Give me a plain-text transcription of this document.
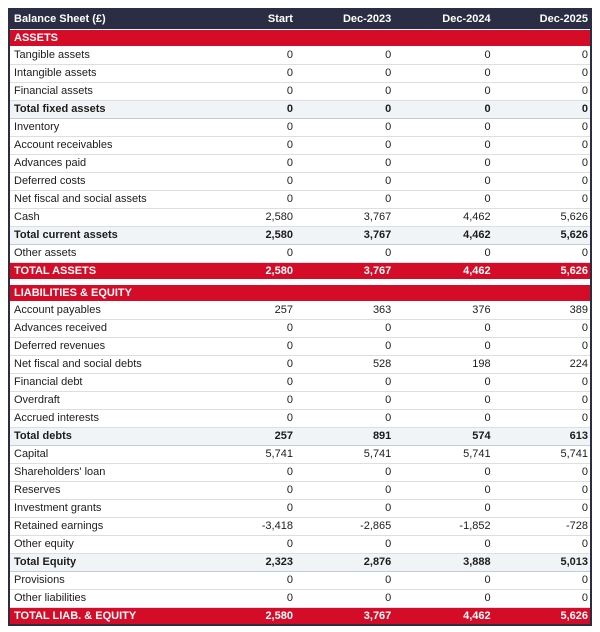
Balance Sheet (£)	Start	Dec-2023	Dec-2024	Dec-2025
ASSETS				
Tangible assets	0	0	0	0
Intangible assets	0	0	0	0
Financial assets	0	0	0	0
Total fixed assets	0	0	0	0
Inventory	0	0	0	0
Account receivables	0	0	0	0
Advances paid	0	0	0	0
Deferred costs	0	0	0	0
Net fiscal and social assets	0	0	0	0
Cash	2,580	3,767	4,462	5,626
Total current assets	2,580	3,767	4,462	5,626
Other assets	0	0	0	0
TOTAL ASSETS	2,580	3,767	4,462	5,626

LIABILITIES & EQUITY				
Account payables	257	363	376	389
Advances received	0	0	0	0
Deferred revenues	0	0	0	0
Net fiscal and social debts	0	528	198	224
Financial debt	0	0	0	0
Overdraft	0	0	0	0
Accrued interests	0	0	0	0
Total debts	257	891	574	613
Capital	5,741	5,741	5,741	5,741
Shareholders' loan	0	0	0	0
Reserves	0	0	0	0
Investment grants	0	0	0	0
Retained earnings	-3,418	-2,865	-1,852	-728
Other equity	0	0	0	0
Total Equity	2,323	2,876	3,888	5,013
Provisions	0	0	0	0
Other liabilities	0	0	0	0
TOTAL LIAB. & EQUITY	2,580	3,767	4,462	5,626
